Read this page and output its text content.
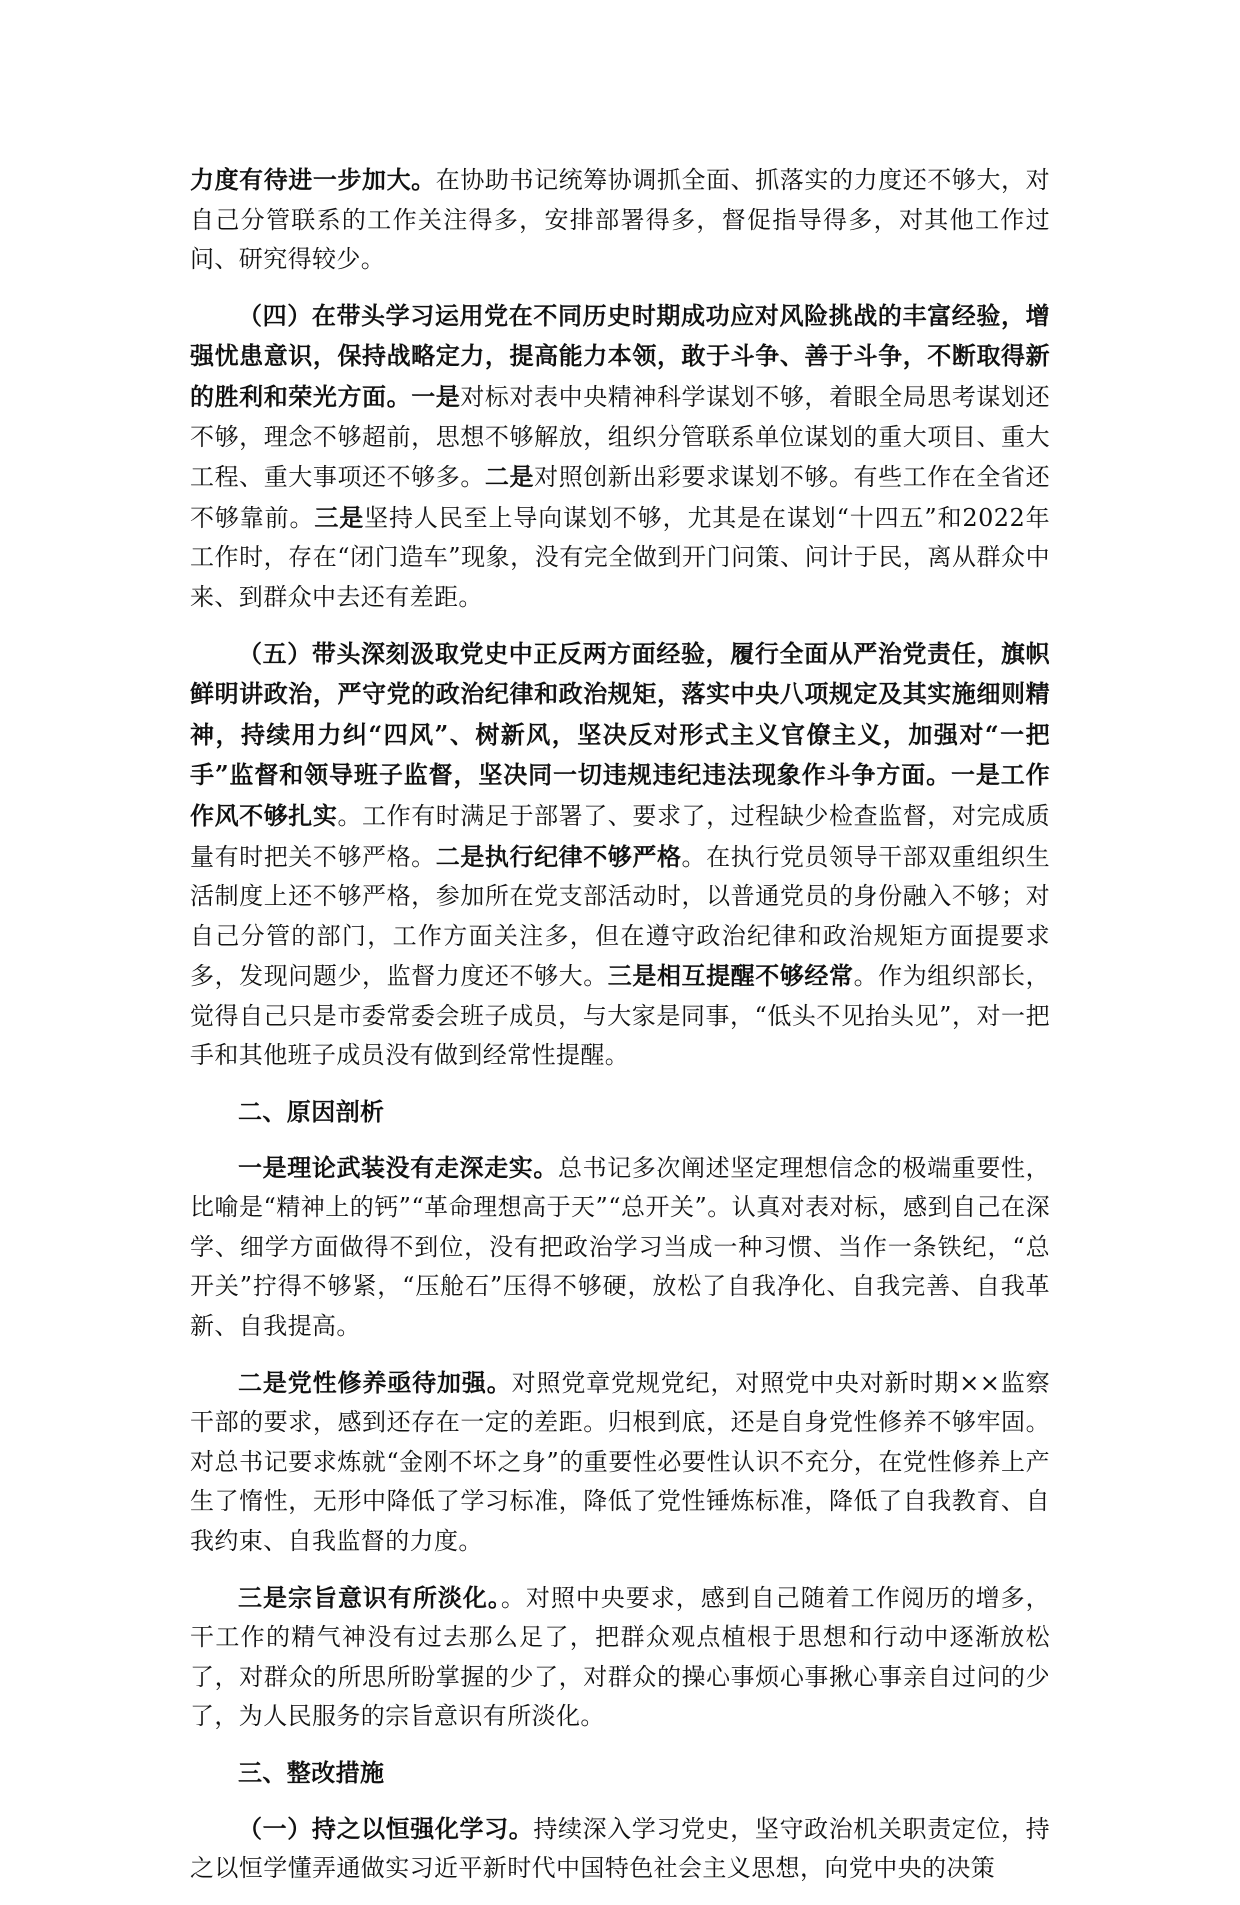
力度有待进一步加大。在协助书记统筹协调抓全面、抓落实的力度还不够大，对自己分管联系的工作关注得多，安排部署得多，督促指导得多，对其他工作过问、研究得较少。

（四）在带头学习运用党在不同历史时期成功应对风险挑战的丰富经验，增强忧患意识，保持战略定力，提高能力本领，敢于斗争、善于斗争，不断取得新的胜利和荣光方面。一是对标对表中央精神科学谋划不够，着眼全局思考谋划还不够，理念不够超前，思想不够解放，组织分管联系单位谋划的重大项目、重大工程、重大事项还不够多。二是对照创新出彩要求谋划不够。有些工作在全省还不够靠前。三是坚持人民至上导向谋划不够，尤其是在谋划“十四五”和2022年工作时，存在“闭门造车”现象，没有完全做到开门问策、问计于民，离从群众中来、到群众中去还有差距。

（五）带头深刻汲取党史中正反两方面经验，履行全面从严治党责任，旗帜鲜明讲政治，严守党的政治纪律和政治规矩，落实中央八项规定及其实施细则精神，持续用力纠“四风”、树新风，坚决反对形式主义官僚主义，加强对“一把手”监督和领导班子监督，坚决同一切违规违纪违法现象作斗争方面。一是工作作风不够扎实。工作有时满足于部署了、要求了，过程缺少检查监督，对完成质量有时把关不够严格。二是执行纪律不够严格。在执行党员领导干部双重组织生活制度上还不够严格，参加所在党支部活动时，以普通党员的身份融入不够；对自己分管的部门，工作方面关注多，但在遵守政治纪律和政治规矩方面提要求多，发现问题少，监督力度还不够大。三是相互提醒不够经常。作为组织部长，觉得自己只是市委常委会班子成员，与大家是同事，“低头不见抬头见”，对一把手和其他班子成员没有做到经常性提醒。

二、原因剖析

一是理论武装没有走深走实。总书记多次阐述坚定理想信念的极端重要性，比喻是“精神上的钙”“革命理想高于天”“总开关”。认真对表对标，感到自己在深学、细学方面做得不到位，没有把政治学习当成一种习惯、当作一条铁纪，“总开关”拧得不够紧，“压舱石”压得不够硬，放松了自我净化、自我完善、自我革新、自我提高。

二是党性修养亟待加强。对照党章党规党纪，对照党中央对新时期××监察干部的要求，感到还存在一定的差距。归根到底，还是自身党性修养不够牢固。对总书记要求炼就“金刚不坏之身”的重要性必要性认识不充分，在党性修养上产生了惰性，无形中降低了学习标准，降低了党性锤炼标准，降低了自我教育、自我约束、自我监督的力度。

三是宗旨意识有所淡化。。对照中央要求，感到自己随着工作阅历的增多，干工作的精气神没有过去那么足了，把群众观点植根于思想和行动中逐渐放松了，对群众的所思所盼掌握的少了，对群众的操心事烦心事揪心事亲自过问的少了，为人民服务的宗旨意识有所淡化。

三、整改措施

（一）持之以恒强化学习。持续深入学习党史，坚守政治机关职责定位，持之以恒学懂弄通做实习近平新时代中国特色社会主义思想，向党中央的决策
